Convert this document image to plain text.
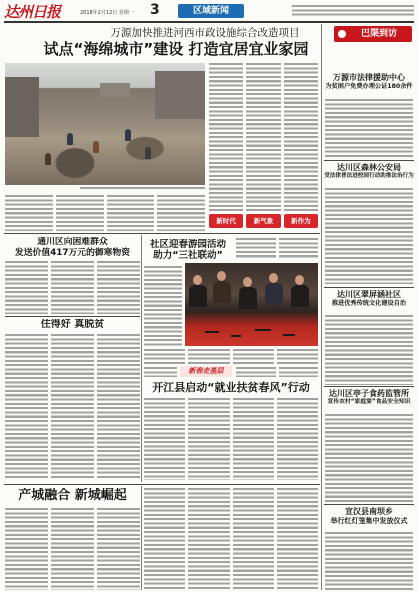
达州日报	2018年2月12日 星期一 3	区域新闻
万源加快推进河西市政设施综合改造项目
试点“海绵城市”建设 打造宜居宜业家园
新时代	新气象	新作为
通川区向困难群众
发送价值417万元的御寒物资
住得好 真脱贫
社区迎春游园活动
助力“三社联动”
新春走基层
开江县启动“就业扶贫春风”行动
产城融合 新城崛起
巴渠到访
万源市法律援助中心
为贫困户免费办理公证180余件
达川区森林公安局
受法律普法进校园行动助推法治行为
达川区翠屏涵社区
推进优秀传统文化建设自治
达川区亭子食药监管所
宣传农村“家庭宴”食品安全知识
宣汉县南坝乡
举行红灯笼集中发放仪式
